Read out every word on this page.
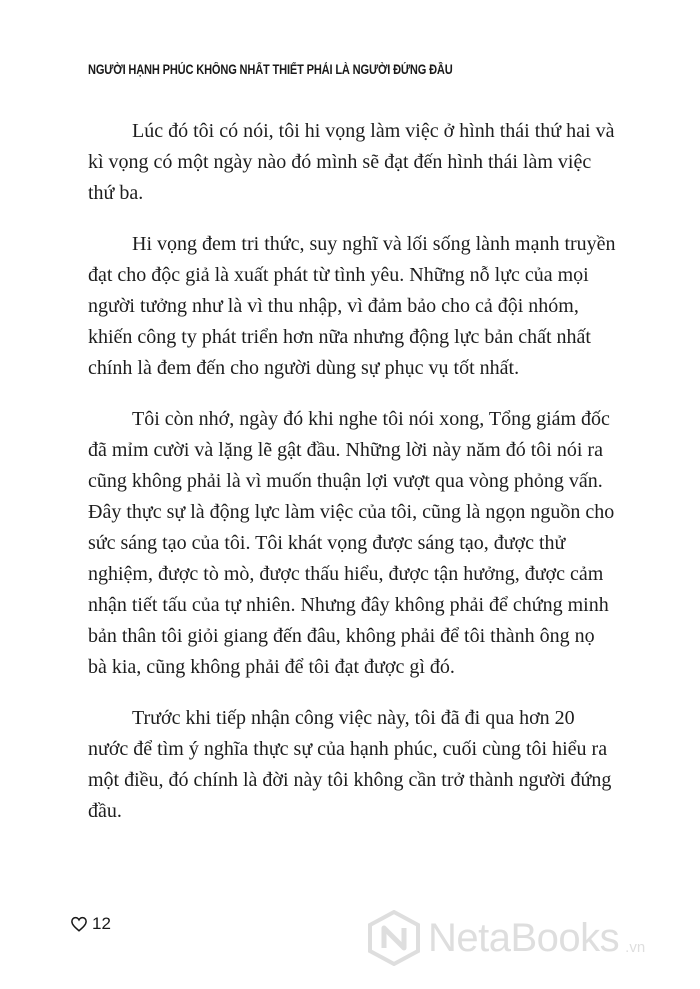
NGƯỜI HẠNH PHÚC KHÔNG NHẤT THIẾT PHẢI LÀ NGƯỜI ĐỨNG ĐẦU

Lúc đó tôi có nói, tôi hi vọng làm việc ở hình thái thứ hai và kì vọng có một ngày nào đó mình sẽ đạt đến hình thái làm việc thứ ba.

Hi vọng đem tri thức, suy nghĩ và lối sống lành mạnh truyền đạt cho độc giả là xuất phát từ tình yêu. Những nỗ lực của mọi người tưởng như là vì thu nhập, vì đảm bảo cho cả đội nhóm, khiến công ty phát triển hơn nữa nhưng động lực bản chất nhất chính là đem đến cho người dùng sự phục vụ tốt nhất.

Tôi còn nhớ, ngày đó khi nghe tôi nói xong, Tổng giám đốc đã mỉm cười và lặng lẽ gật đầu. Những lời này năm đó tôi nói ra cũng không phải là vì muốn thuận lợi vượt qua vòng phỏng vấn. Đây thực sự là động lực làm việc của tôi, cũng là ngọn nguồn cho sức sáng tạo của tôi. Tôi khát vọng được sáng tạo, được thử nghiệm, được tò mò, được thấu hiểu, được tận hưởng, được cảm nhận tiết tấu của tự nhiên. Nhưng đây không phải để chứng minh bản thân tôi giỏi giang đến đâu, không phải để tôi thành ông nọ bà kia, cũng không phải để tôi đạt được gì đó.

Trước khi tiếp nhận công việc này, tôi đã đi qua hơn 20 nước để tìm ý nghĩa thực sự của hạnh phúc, cuối cùng tôi hiểu ra một điều, đó chính là đời này tôi không cần trở thành người đứng đầu.

12	NetaBooks .vn
